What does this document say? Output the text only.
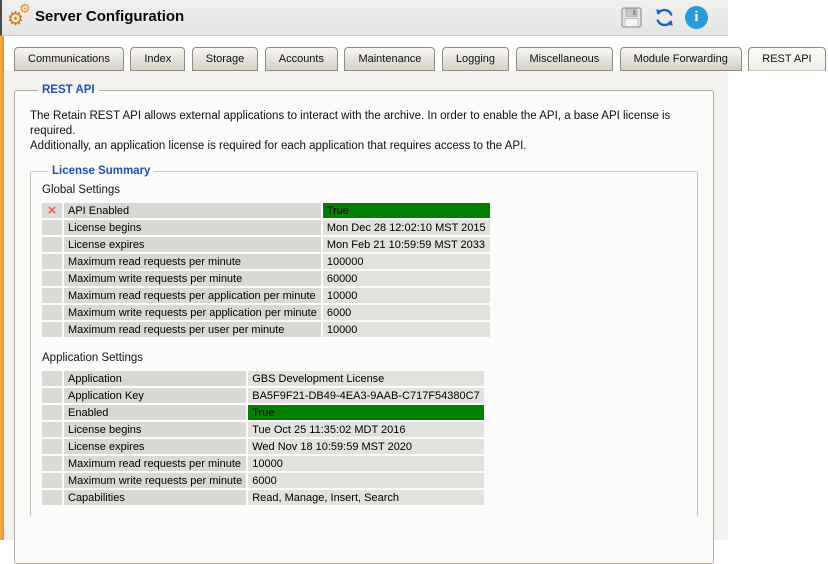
⚙
⚙ Server Configuration	i
Communications	Index	Storage	Accounts	Maintenance	Logging	Miscellaneous	Module Forwarding	REST API
REST API
The Retain REST API allows external applications to interact with the archive. In order to enable the API, a base API license is required.
Additionally, an application license is required for each application that requires access to the API.
License Summary
Global Settings
×	API Enabled	True
	License begins	Mon Dec 28 12:02:10 MST 2015
	License expires	Mon Feb 21 10:59:59 MST 2033
	Maximum read requests per minute	100000
	Maximum write requests per minute	60000
	Maximum read requests per application per minute	10000
	Maximum write requests per application per minute	6000
	Maximum read requests per user per minute	10000
Application Settings
	Application	GBS Development License
	Application Key	BA5F9F21-DB49-4EA3-9AAB-C717F54380C7
	Enabled	True
	License begins	Tue Oct 25 11:35:02 MDT 2016
	License expires	Wed Nov 18 10:59:59 MST 2020
	Maximum read requests per minute	10000
	Maximum write requests per minute	6000
	Capabilities	Read, Manage, Insert, Search
